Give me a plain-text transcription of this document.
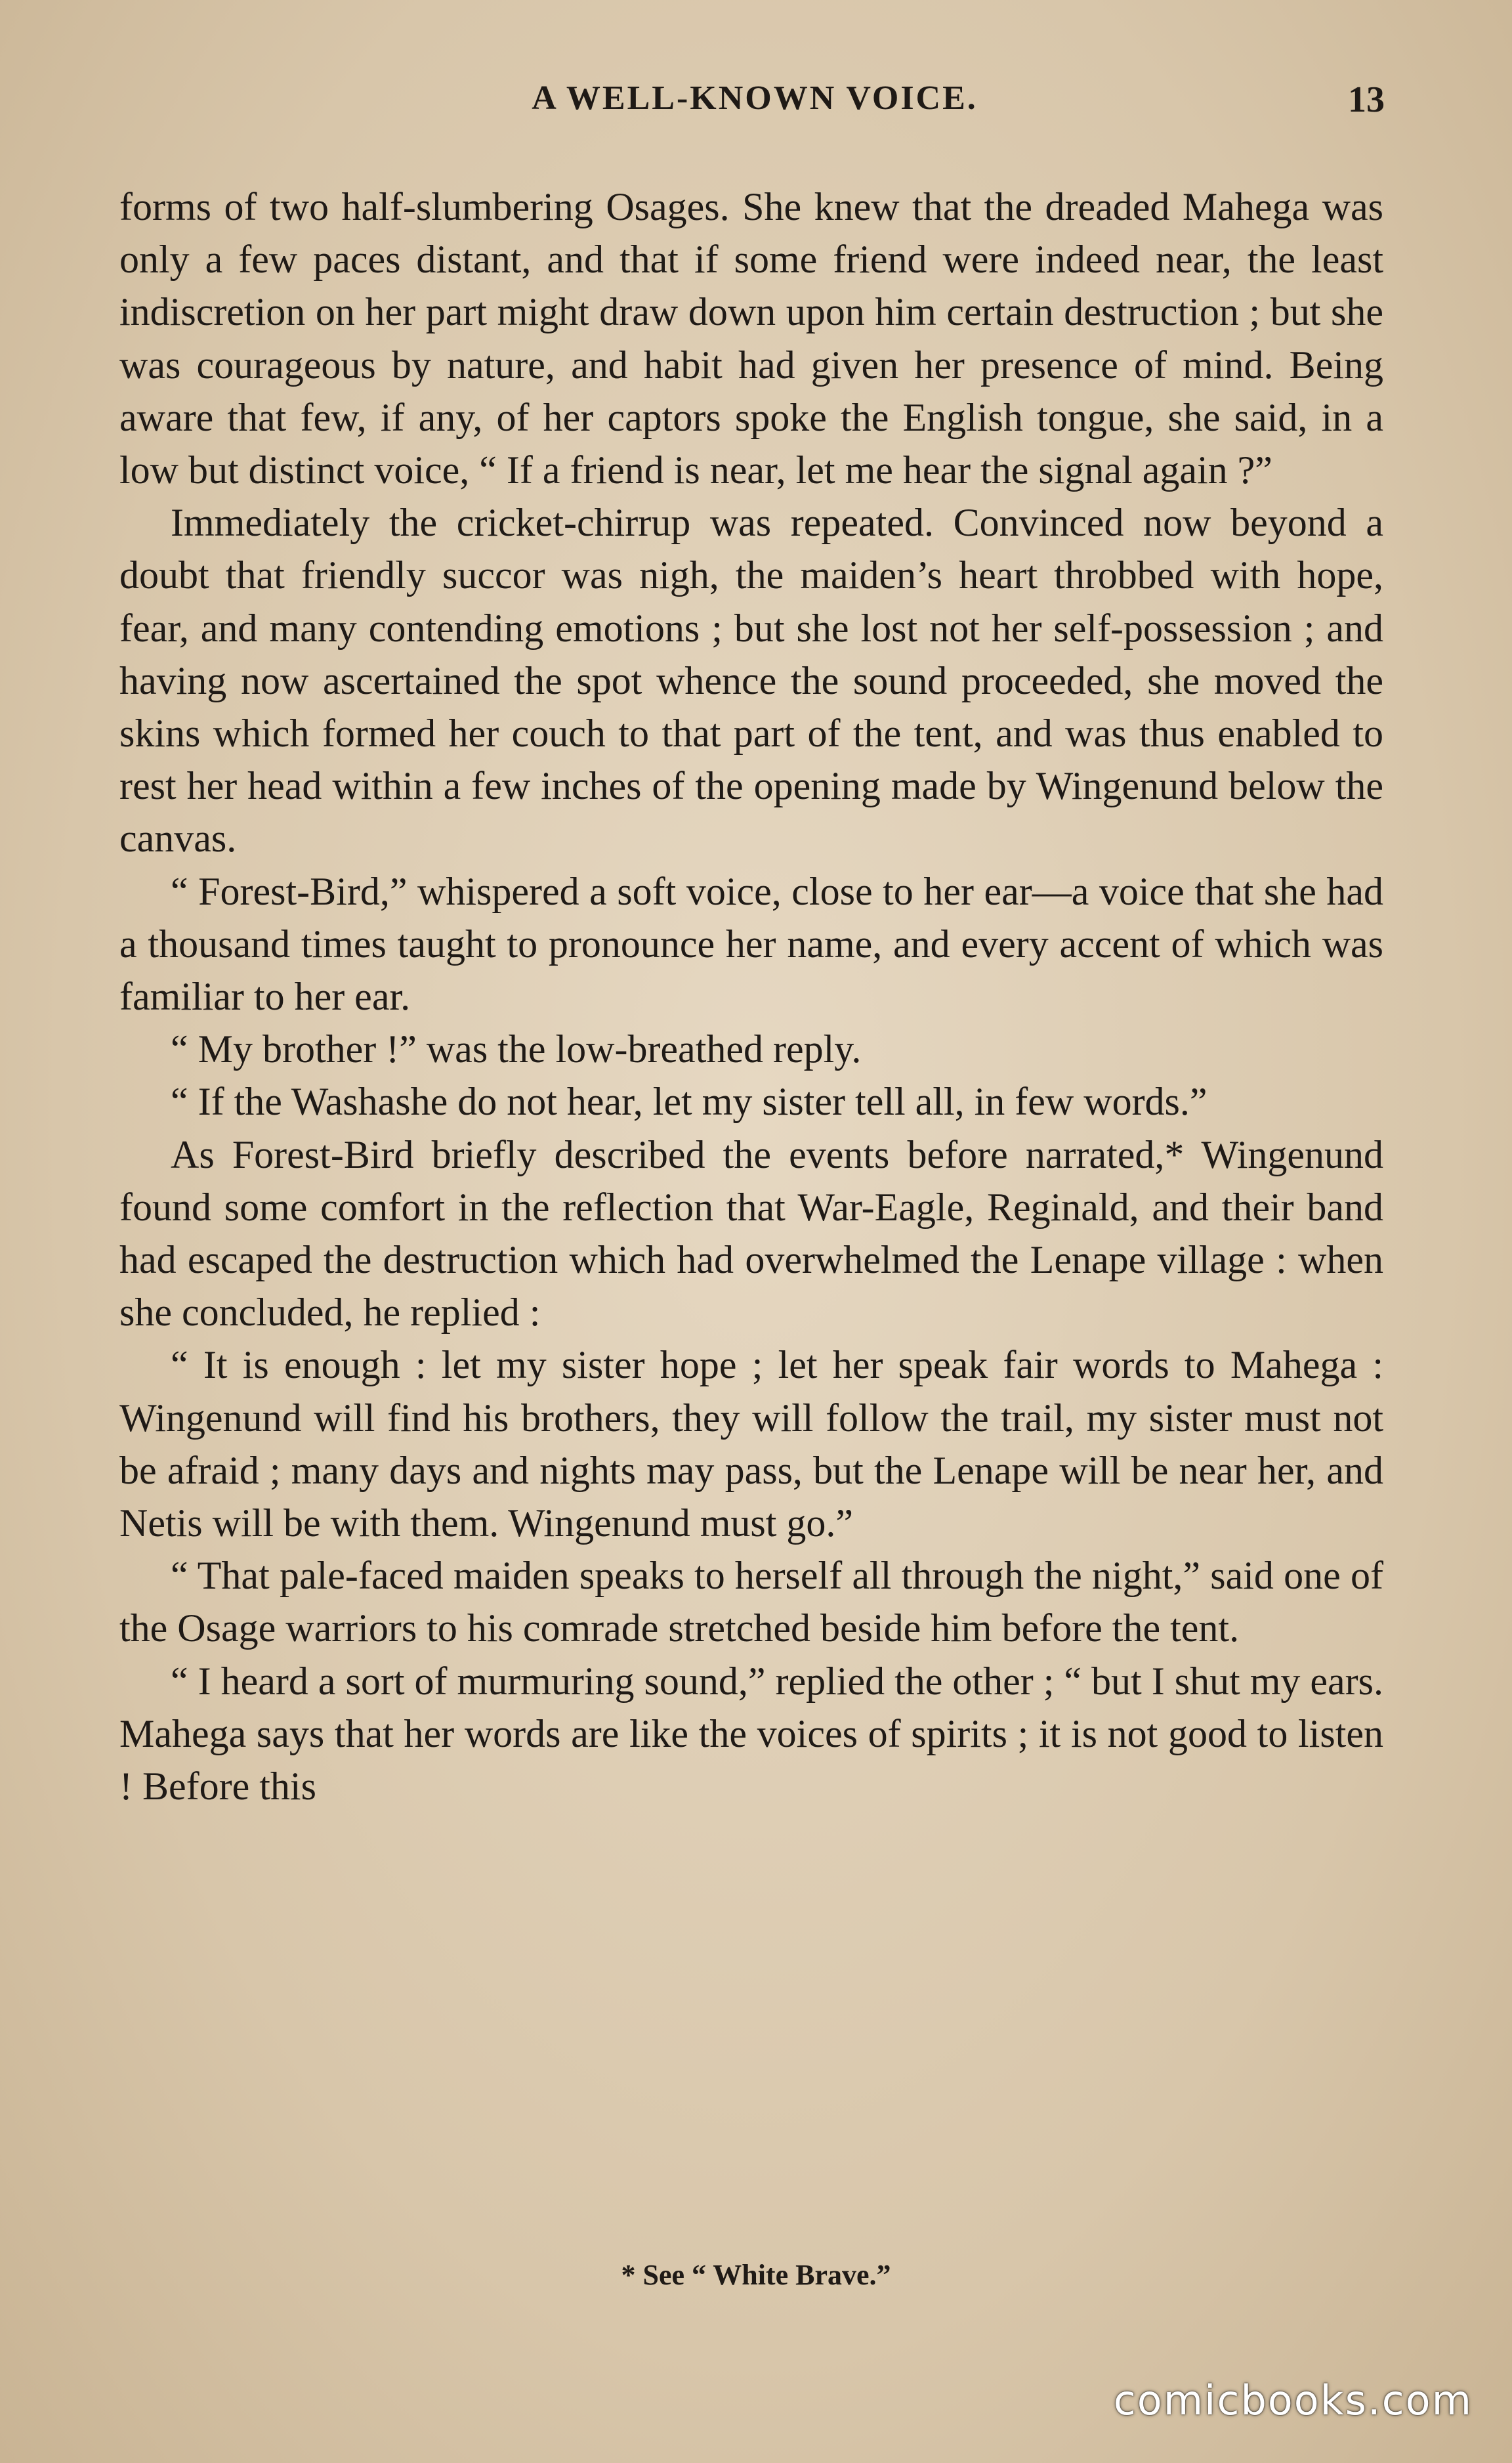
A WELL-KNOWN VOICE.	13

forms of two half-slumbering Osages. She knew that the dreaded Mahega was only a few paces distant, and that if some friend were indeed near, the least indiscretion on her part might draw down upon him certain destruction ; but she was courageous by nature, and habit had given her presence of mind. Being aware that few, if any, of her captors spoke the English tongue, she said, in a low but distinct voice, “ If a friend is near, let me hear the signal again ?”

Immediately the cricket-chirrup was repeated. Convinced now beyond a doubt that friendly succor was nigh, the maiden’s heart throbbed with hope, fear, and many contending emotions ; but she lost not her self-possession ; and having now ascertained the spot whence the sound proceeded, she moved the skins which formed her couch to that part of the tent, and was thus enabled to rest her head within a few inches of the opening made by Wingenund below the canvas.

“ Forest-Bird,” whispered a soft voice, close to her ear—a voice that she had a thousand times taught to pronounce her name, and every accent of which was familiar to her ear.

“ My brother !” was the low-breathed reply.

“ If the Washashe do not hear, let my sister tell all, in few words.”

As Forest-Bird briefly described the events before narrated,* Wingenund found some comfort in the reflection that War-Eagle, Reginald, and their band had escaped the destruction which had overwhelmed the Lenape village : when she concluded, he replied :

“ It is enough : let my sister hope ; let her speak fair words to Mahega : Wingenund will find his brothers, they will follow the trail, my sister must not be afraid ; many days and nights may pass, but the Lenape will be near her, and Netis will be with them. Wingenund must go.”

“ That pale-faced maiden speaks to herself all through the night,” said one of the Osage warriors to his comrade stretched beside him before the tent.

“ I heard a sort of murmuring sound,” replied the other ; “ but I shut my ears. Mahega says that her words are like the voices of spirits ; it is not good to listen ! Before this

* See “ White Brave.”
comicbooks.com
